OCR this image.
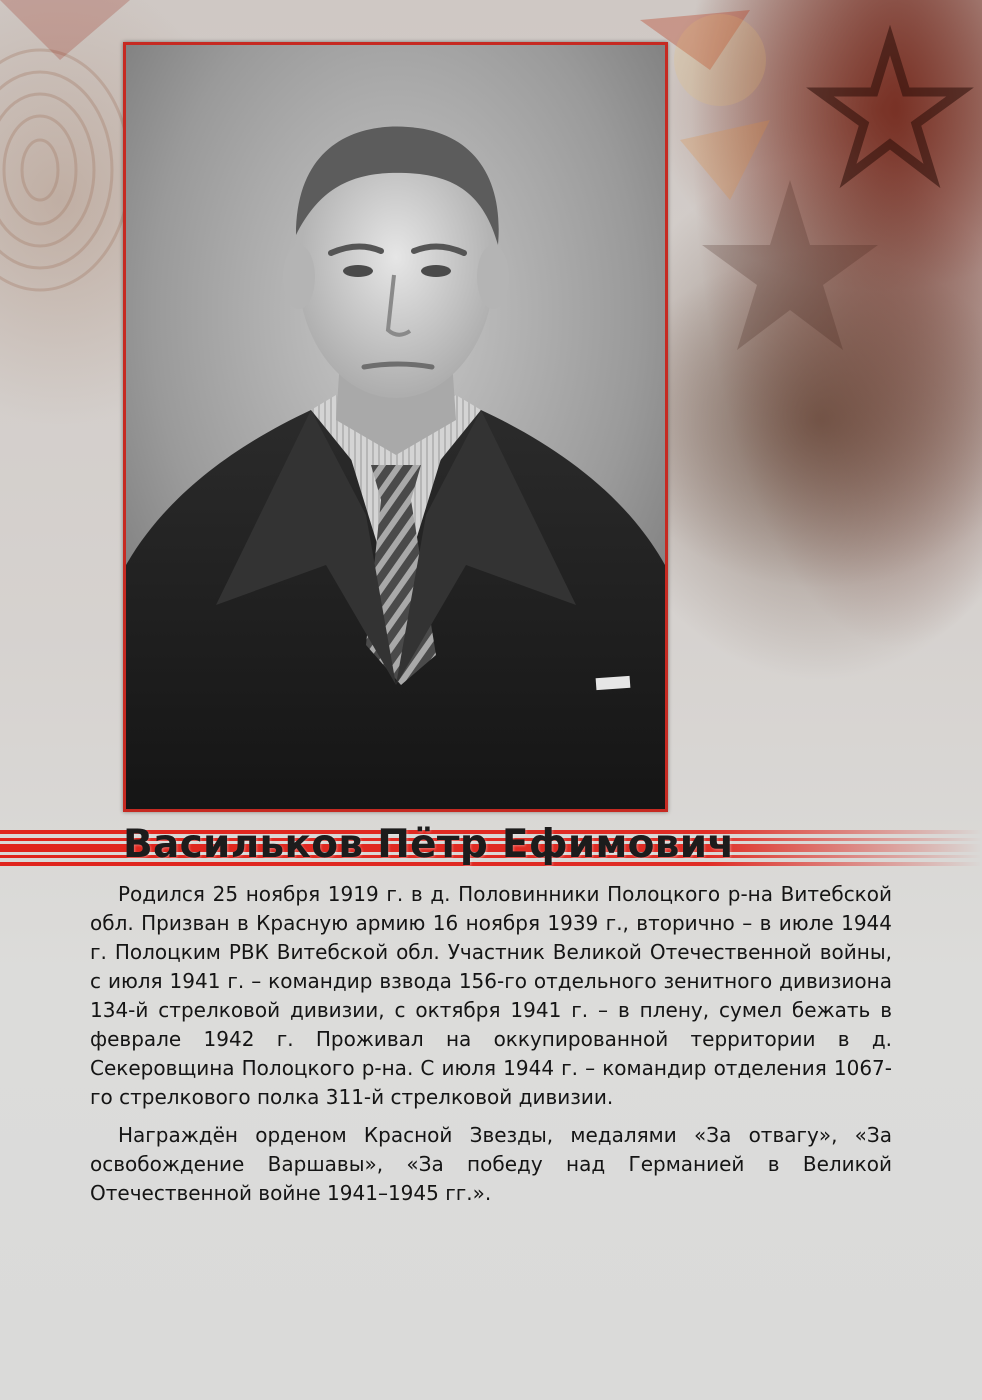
Васильков Пётр Ефимович

Родился 25 ноября 1919 г. в д. Половинники Полоцкого р-на Витебской обл. Призван в Красную армию 16 ноября 1939 г., вторично – в июле 1944 г. Полоцким РВК Витебской обл. Участник Великой Отечественной войны, с июля 1941 г. – командир взвода 156-го отдельного зенитного дивизиона 134-й стрелковой дивизии, с октября 1941 г. – в плену, сумел бежать в феврале 1942 г. Проживал на оккупированной территории в д. Секеровщина Полоцкого р-на. С июля 1944 г. – командир отделения 1067-го стрелкового полка 311-й стрелковой дивизии.

Награждён орденом Красной Звезды, медалями «За отвагу», «За освобождение Варшавы», «За победу над Германией в Великой Отечественной войне 1941–1945 гг.».
